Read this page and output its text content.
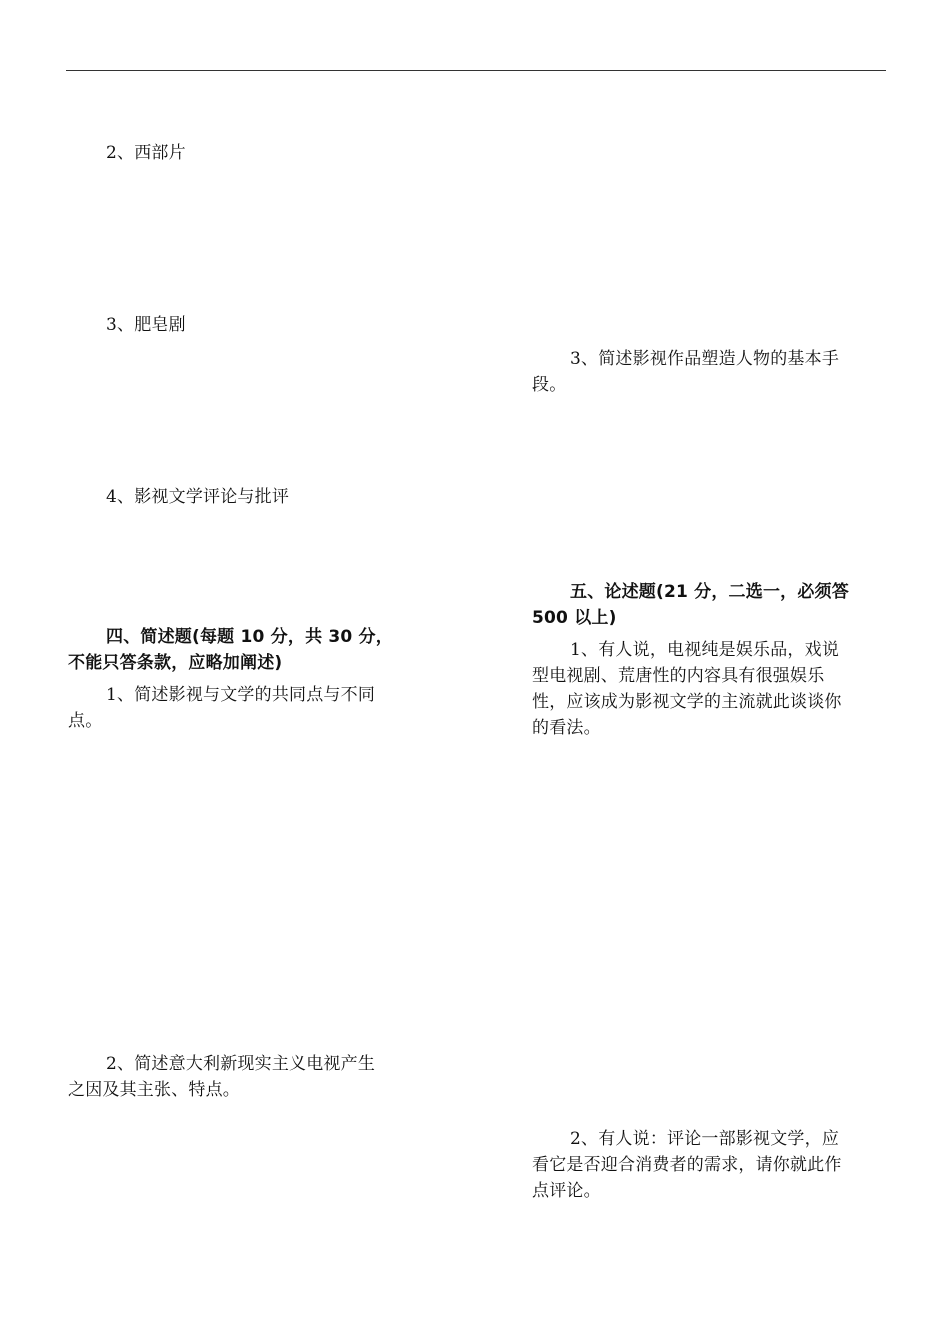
2、西部片
3、肥皂剧
4、影视文学评论与批评
四、简述题(每题 10 分，共 30 分，
不能只答条款，应略加阐述)
1、简述影视与文学的共同点与不同
点。
2、简述意大利新现实主义电视产生
之因及其主张、特点。
3、简述影视作品塑造人物的基本手
段。
五、论述题(21 分，二选一，必须答
500 以上)
1、有人说，电视纯是娱乐品，戏说
型电视剧、荒唐性的内容具有很强娱乐
性，应该成为影视文学的主流就此谈谈你
的看法。
2、有人说：评论一部影视文学，应
看它是否迎合消费者的需求，请你就此作
点评论。
